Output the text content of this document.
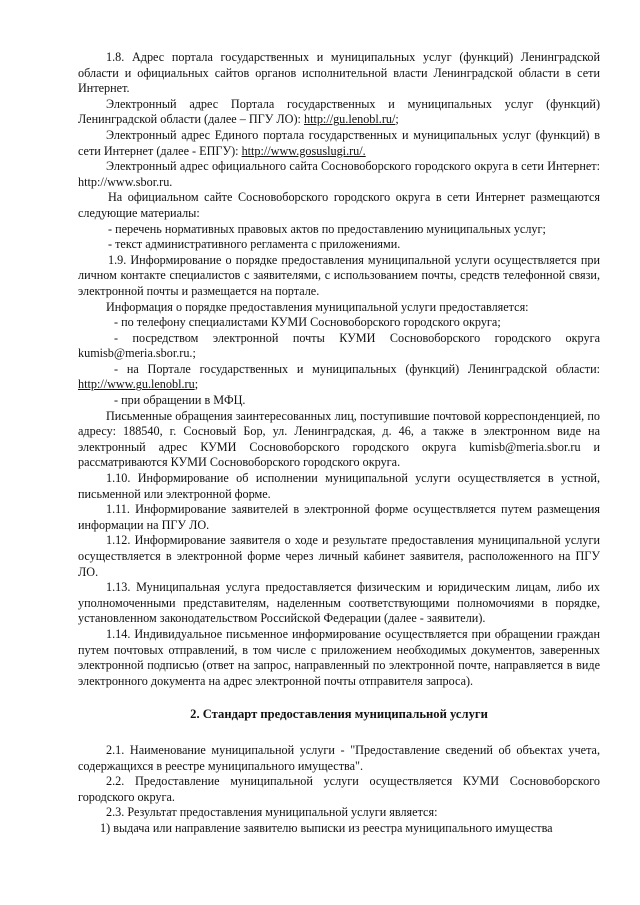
1.8. Адрес портала государственных и муниципальных услуг (функций) Ленинградской области и официальных сайтов органов исполнительной власти Ленинградской области в сети Интернет.

Электронный адрес Портала государственных и муниципальных услуг (функций) Ленинградской области (далее – ПГУ ЛО): http://gu.lenobl.ru/;

Электронный адрес Единого портала государственных и муниципальных услуг (функций) в сети Интернет (далее - ЕПГУ): http://www.gosuslugi.ru/.

Электронный адрес официального сайта Сосновоборского городского округа в сети Интернет: http://www.sbor.ru.

На официальном сайте Сосновоборского городского округа в сети Интернет размещаются следующие материалы:

- перечень нормативных правовых актов по предоставлению муниципальных услуг;

- текст административного регламента с приложениями.

1.9. Информирование о порядке предоставления муниципальной услуги осуществляется при личном контакте специалистов с заявителями, с использованием почты, средств телефонной связи, электронной почты и размещается на портале.

Информация о порядке предоставления муниципальной услуги предоставляется:

- по телефону специалистами КУМИ Сосновоборского городского округа;

- посредством электронной почты КУМИ Сосновоборского городского округа kumisb@meria.sbor.ru.;

- на Портале государственных и муниципальных (функций) Ленинградской области: http://www.gu.lenobl.ru;

- при обращении в МФЦ.

Письменные обращения заинтересованных лиц, поступившие почтовой корреспонденцией, по адресу: 188540, г. Сосновый Бор, ул. Ленинградская, д. 46, а также в электронном виде на электронный адрес КУМИ Сосновоборского городского округа kumisb@meria.sbor.ru и рассматриваются КУМИ Сосновоборского городского округа.

1.10. Информирование об исполнении муниципальной услуги осуществляется в устной, письменной или электронной форме.

1.11. Информирование заявителей в электронной форме осуществляется путем размещения информации на ПГУ ЛО.

1.12. Информирование заявителя о ходе и результате предоставления муниципальной услуги осуществляется в электронной форме через личный кабинет заявителя, расположенного на ПГУ ЛО.

1.13. Муниципальная услуга предоставляется физическим и юридическим лицам, либо их уполномоченными представителям, наделенным соответствующими полномочиями в порядке, установленном законодательством Российской Федерации (далее - заявители).

1.14. Индивидуальное письменное информирование осуществляется при обращении граждан путем почтовых отправлений, в том числе с приложением необходимых документов, заверенных электронной подписью (ответ на запрос, направленный по электронной почте, направляется в виде электронного документа на адрес электронной почты отправителя запроса).

2. Стандарт предоставления муниципальной услуги

2.1. Наименование муниципальной услуги - "Предоставление сведений об объектах учета, содержащихся в реестре муниципального имущества".

2.2. Предоставление муниципальной услуги осуществляется КУМИ Сосновоборского городского округа.

2.3. Результат предоставления муниципальной услуги является:

1) выдача или направление заявителю выписки из реестра муниципального имущества
